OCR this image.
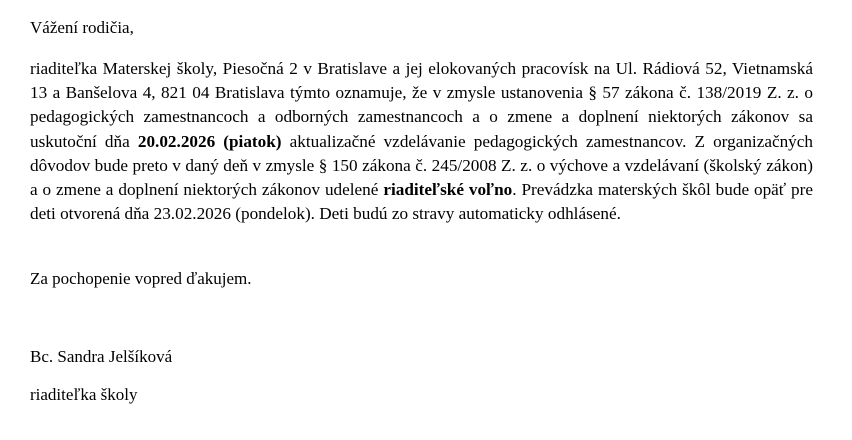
Vážení rodičia,

riaditeľka Materskej školy, Piesočná 2 v Bratislave a jej elokovaných pracovísk na Ul. Rádiová 52, Vietnamská 13 a Banšelova 4, 821 04 Bratislava týmto oznamuje, že v zmysle ustanovenia § 57 zákona č. 138/2019 Z. z. o pedagogických zamestnancoch a odborných zamestnancoch a o zmene a doplnení niektorých zákonov sa uskutoční dňa 20.02.2026 (piatok) aktualizačné vzdelávanie pedagogických zamestnancov. Z organizačných dôvodov bude preto v daný deň v zmysle § 150 zákona č. 245/2008 Z. z. o výchove a vzdelávaní (školský zákon) a o zmene a doplnení niektorých zákonov udelené riaditeľské voľno. Prevádzka materských škôl bude opäť pre deti otvorená dňa 23.02.2026 (pondelok). Deti budú zo stravy automaticky odhlásené.

Za pochopenie vopred ďakujem.
Bc. Sandra Jelšíková
riaditeľka školy
